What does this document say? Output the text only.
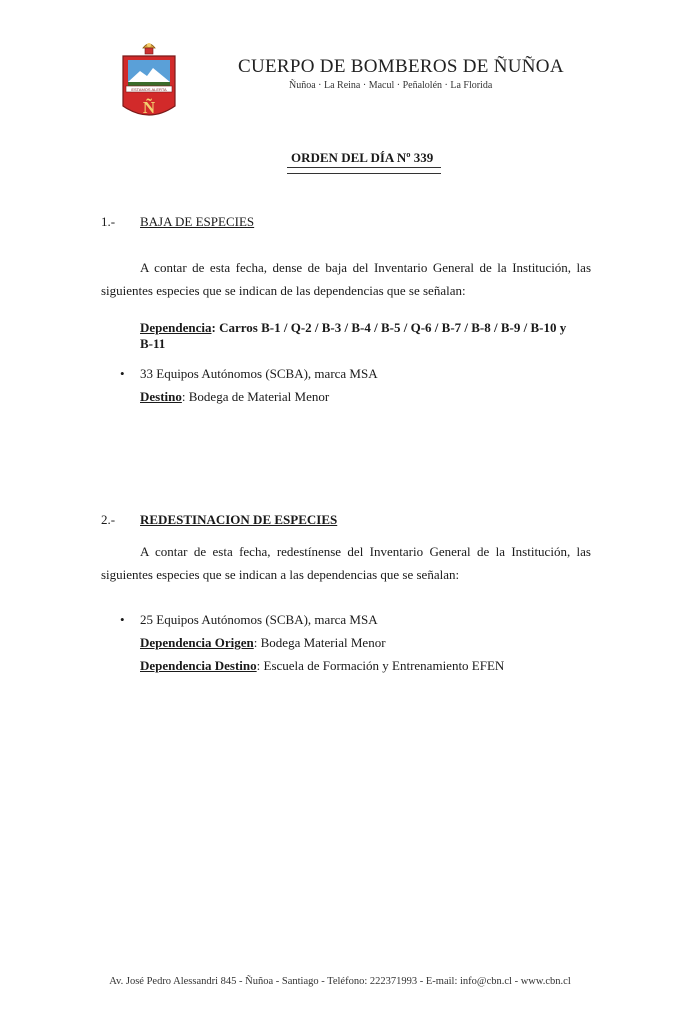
ESTAMOS ALERTA
Ñ
CUERPO DE BOMBEROS DE ÑUÑOA
Ñuñoa · La Reina · Macul · Peñalolén · La Florida
ORDEN DEL DÍA Nº 339
1.- BAJA DE ESPECIES
A contar de esta fecha, dense de baja del Inventario General de la Institución, las siguientes especies que se indican de las dependencias que se señalan:
Dependencia: Carros B-1 / Q-2 / B-3 / B-4 / B-5 / Q-6 / B-7 / B-8 / B-9 / B-10 y
B-11
• 33 Equipos Autónomos (SCBA), marca MSA
Destino: Bodega de Material Menor
2.- REDESTINACION DE ESPECIES
A contar de esta fecha, redestínense del Inventario General de la Institución, las siguientes especies que se indican a las dependencias que se señalan:
• 25 Equipos Autónomos (SCBA), marca MSA
Dependencia Origen: Bodega Material Menor
Dependencia Destino: Escuela de Formación y Entrenamiento EFEN
Av. José Pedro Alessandri 845 - Ñuñoa - Santiago - Teléfono: 222371993 - E-mail: info@cbn.cl - www.cbn.cl
